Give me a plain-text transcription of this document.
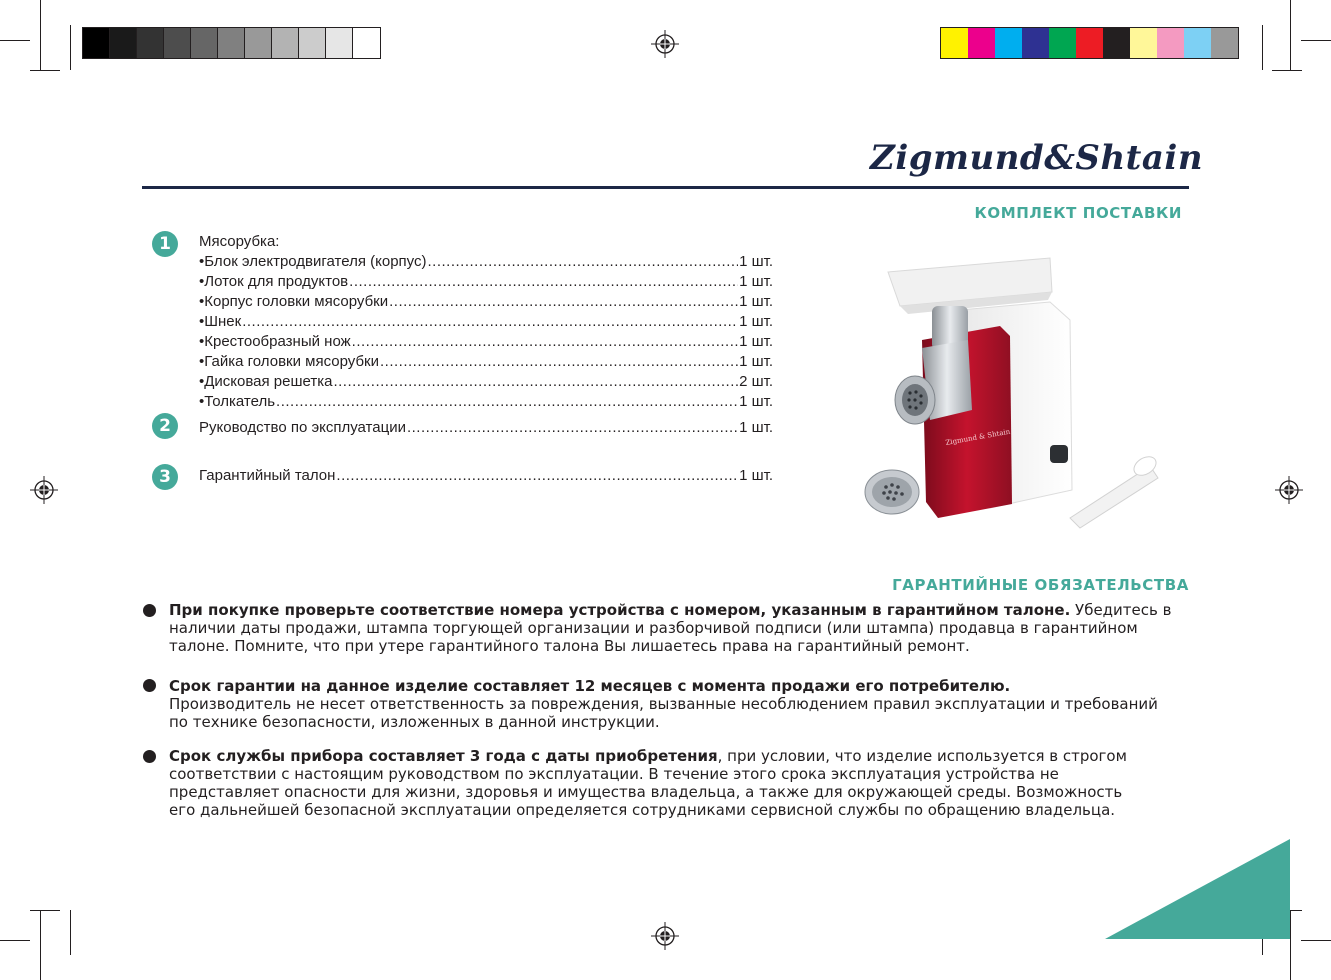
Zigmund&Shtain
КОМПЛЕКТ ПОСТАВКИ
1
2
3
Мясорубка:
•Блок электродвигателя (корпус) .....	1 шт.
•Лоток для продуктов .....	1 шт.
•Корпус головки мясорубки .....	1 шт.
•Шнек .....	1 шт.
•Крестообразный нож .....	1 шт.
•Гайка головки мясорубки .....	1 шт.
•Дисковая решетка .....	2 шт.
•Толкатель .....	1 шт.
Руководство по эксплуатации .....	1 шт.
Гарантийный талон .....	1 шт.
Zigmund & Shtain
ГАРАНТИЙНЫЕ ОБЯЗАТЕЛЬСТВА
При покупке проверьте соответствие номера устройства с номером, указанным в гарантийном талоне. Убедитесь в наличии даты продажи, штампа торгующей организации и разборчивой подписи (или штампа) продавца в гарантийном талоне. Помните, что при утере гарантийного талона Вы лишаетесь права на гарантийный ремонт.
Срок гарантии на данное изделие составляет 12 месяцев с момента продажи его потребителю.
Производитель не несет ответственность за повреждения, вызванные несоблюдением правил эксплуатации и требований по технике безопасности, изложенных в данной инструкции.
Срок службы прибора составляет 3 года с даты приобретения, при условии, что изделие используется в строгом соответствии с настоящим руководством по эксплуатации. В течение этого срока эксплуатация устройства не представляет опасности для жизни, здоровья и имущества владельца, а также для окружающей среды. Возможность его дальнейшей безопасной эксплуатации определяется сотрудниками сервисной службы по обращению владельца.
